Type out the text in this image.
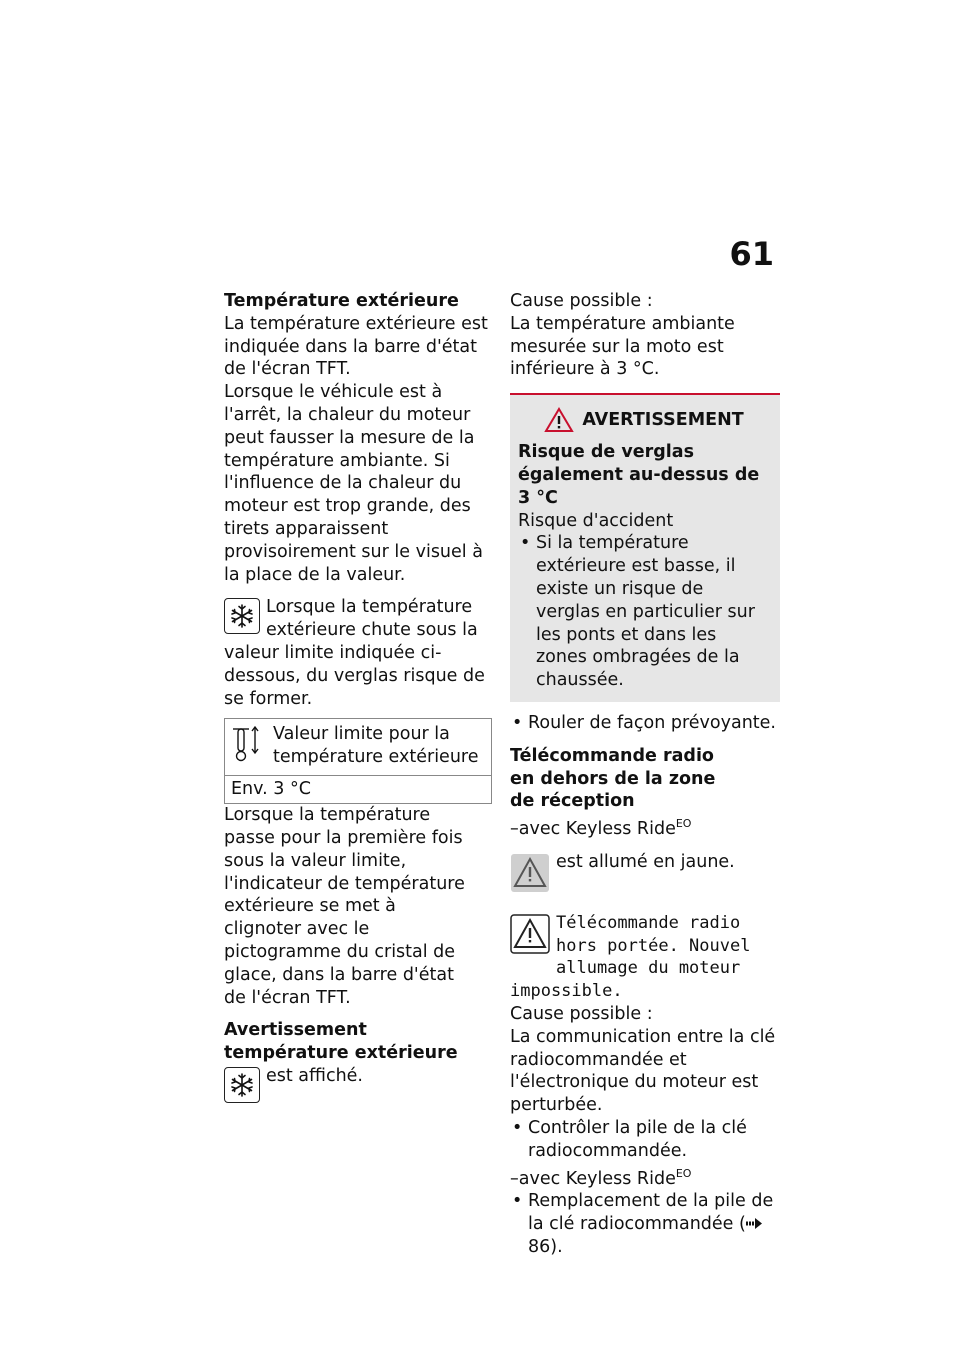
61

Température extérieure

La température extérieure est indiquée dans la barre d'état de l'écran TFT.

Lorsque le véhicule est à l'arrêt, la chaleur du moteur peut fausser la mesure de la température ambiante. Si l'influence de la chaleur du moteur est trop grande, des tirets apparaissent provisoirement sur le visuel à la place de la valeur.

Lorsque la température extérieure chute sous la valeur limite indiquée ci-dessous, du verglas risque de se former.

Valeur limite pour la température extérieure
Env. 3 °C

Lorsque la température passe pour la première fois sous la valeur limite, l'indicateur de température extérieure se met à clignoter avec le pictogramme du cristal de glace, dans la barre d'état de l'écran TFT.

Avertissement température extérieure

est affiché.

Cause possible :

La température ambiante mesurée sur la moto est inférieure à 3 °C.

AVERTISSEMENT

Risque de verglas également au-dessus de 3 °C

Risque d'accident

• Si la température extérieure est basse, il existe un risque de verglas en particulier sur les ponts et dans les zones ombragées de la chaussée.

• Rouler de façon prévoyante.

Télécommande radio en dehors de la zone de réception

–avec Keyless Ride$^{EO}$

est allumé en jaune.

Télécommande radio hors portée. Nouvel allumage du moteur impossible.

Cause possible :

La communication entre la clé radiocommandée et l'électronique du moteur est perturbée.

• Contrôler la pile de la clé radiocommandée.

–avec Keyless Ride$^{EO}$

• Remplacement de la pile de la clé radiocommandée ( 86).
